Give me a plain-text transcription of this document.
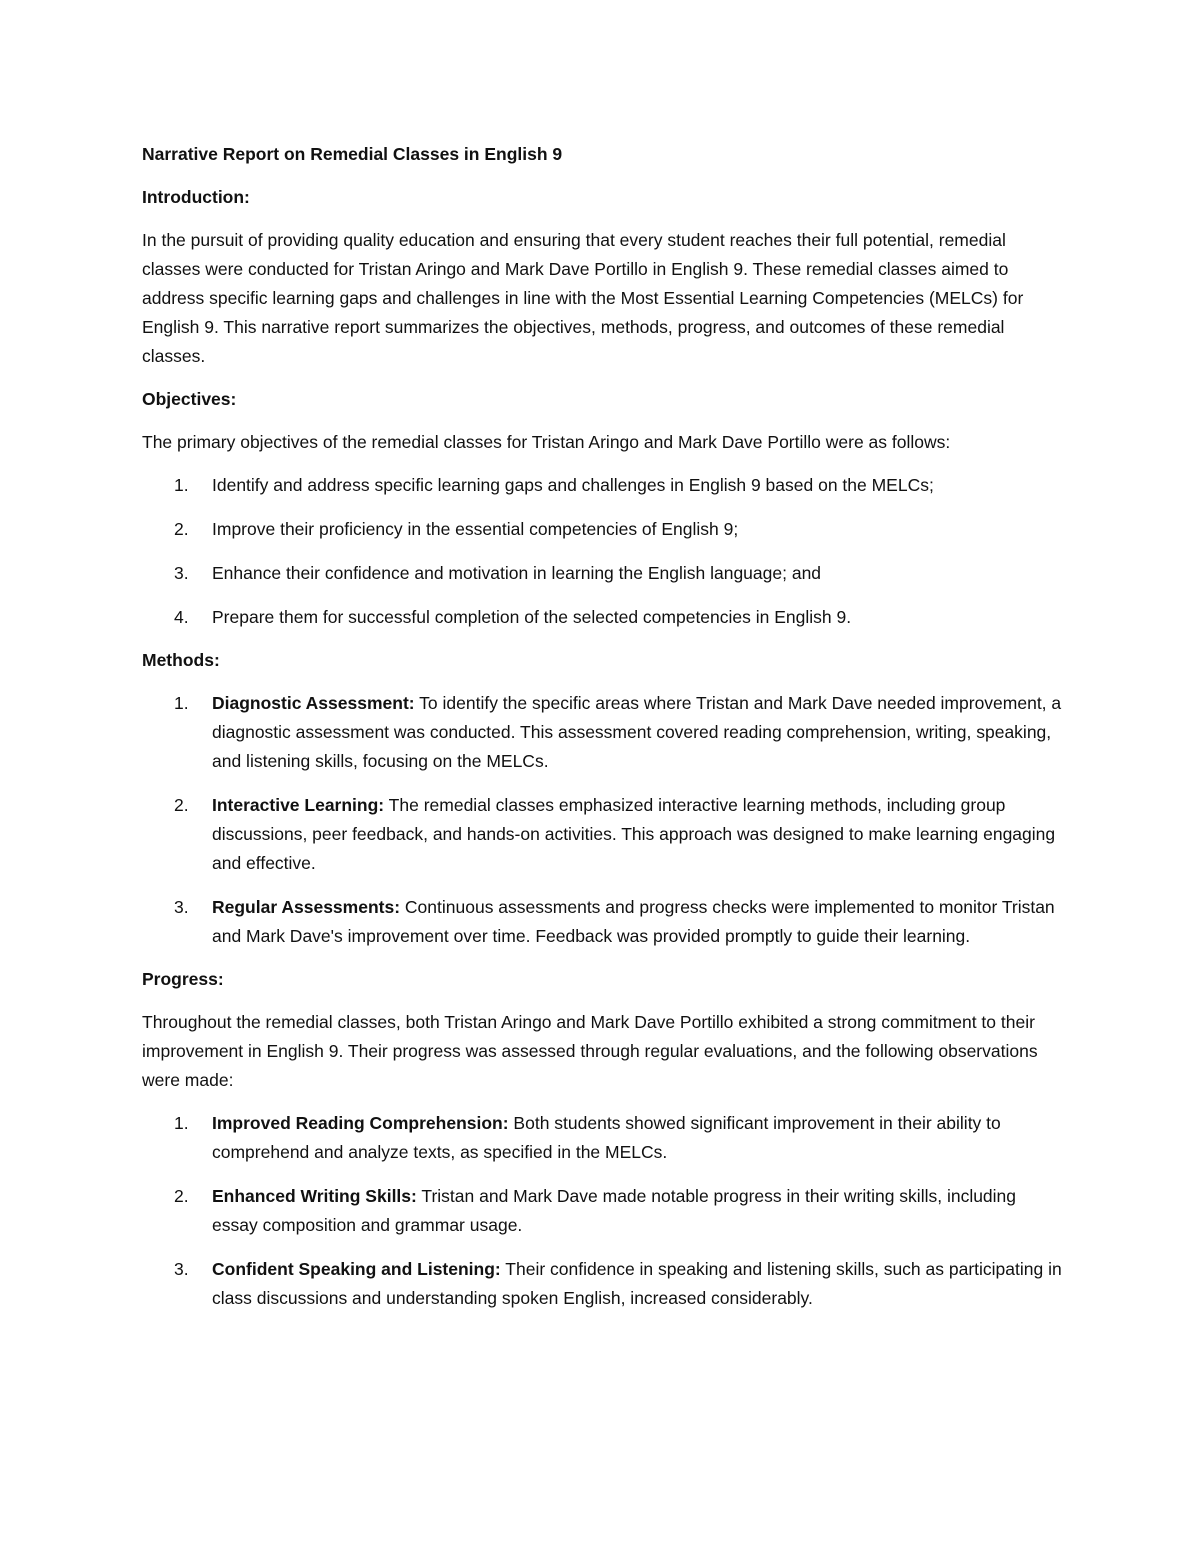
Narrative Report on Remedial Classes in English 9

Introduction:

In the pursuit of providing quality education and ensuring that every student reaches their full potential, remedial classes were conducted for Tristan Aringo and Mark Dave Portillo in English 9. These remedial classes aimed to address specific learning gaps and challenges in line with the Most Essential Learning Competencies (MELCs) for English 9. This narrative report summarizes the objectives, methods, progress, and outcomes of these remedial classes.

Objectives:

The primary objectives of the remedial classes for Tristan Aringo and Mark Dave Portillo were as follows:

1. Identify and address specific learning gaps and challenges in English 9 based on the MELCs;
2. Improve their proficiency in the essential competencies of English 9;
3. Enhance their confidence and motivation in learning the English language; and
4. Prepare them for successful completion of the selected competencies in English 9.

Methods:

1. Diagnostic Assessment: To identify the specific areas where Tristan and Mark Dave needed improvement, a diagnostic assessment was conducted. This assessment covered reading comprehension, writing, speaking, and listening skills, focusing on the MELCs.
2. Interactive Learning: The remedial classes emphasized interactive learning methods, including group discussions, peer feedback, and hands-on activities. This approach was designed to make learning engaging and effective.
3. Regular Assessments: Continuous assessments and progress checks were implemented to monitor Tristan and Mark Dave's improvement over time. Feedback was provided promptly to guide their learning.

Progress:

Throughout the remedial classes, both Tristan Aringo and Mark Dave Portillo exhibited a strong commitment to their improvement in English 9. Their progress was assessed through regular evaluations, and the following observations were made:

1. Improved Reading Comprehension: Both students showed significant improvement in their ability to comprehend and analyze texts, as specified in the MELCs.
2. Enhanced Writing Skills: Tristan and Mark Dave made notable progress in their writing skills, including essay composition and grammar usage.
3. Confident Speaking and Listening: Their confidence in speaking and listening skills, such as participating in class discussions and understanding spoken English, increased considerably.
